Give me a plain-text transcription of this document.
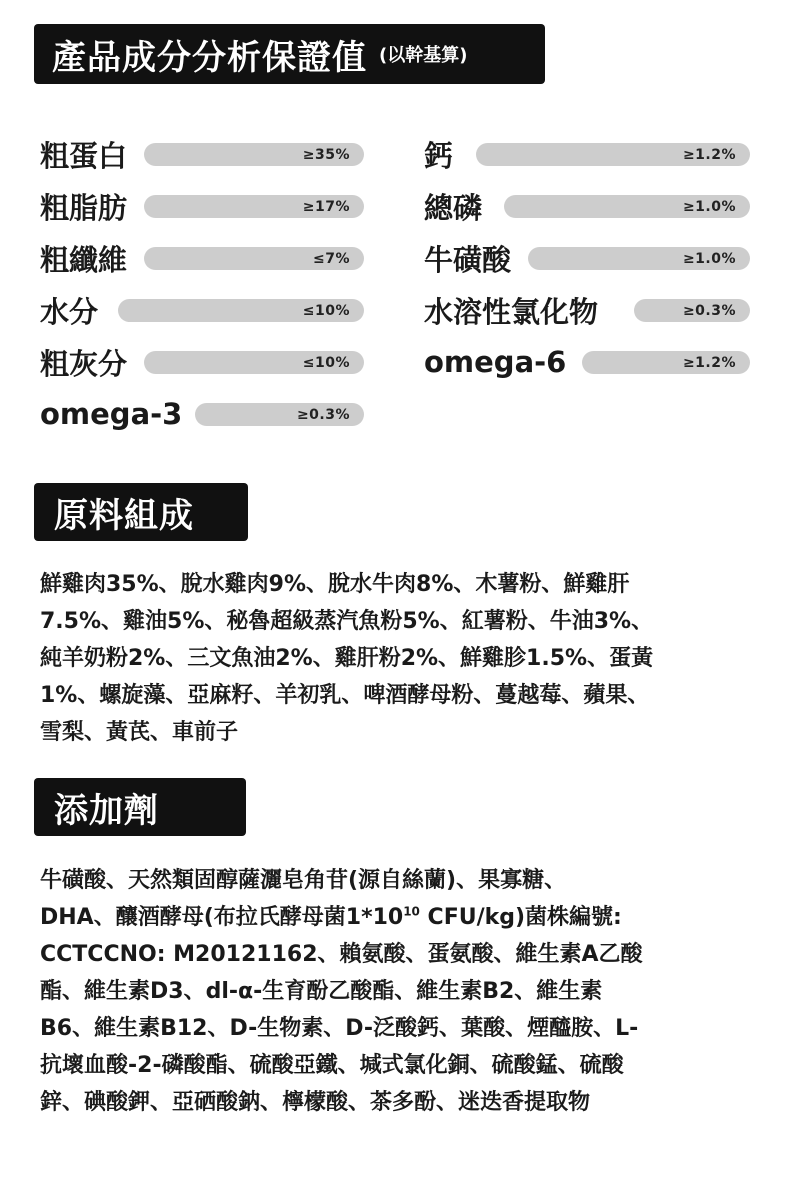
產品成分分析保證值 (以幹基算)
粗蛋白	≥35%
粗脂肪	≥17%
粗纖維	≤7%
水分	≤10%
粗灰分	≤10%
omega-3	≥0.3%
鈣	≥1.2%
總磷	≥1.0%
牛磺酸	≥1.0%
水溶性氯化物	≥0.3%
omega-6	≥1.2%
原料組成
鮮雞肉35%、脫水雞肉9%、脫水牛肉8%、木薯粉、鮮雞肝
7.5%、雞油5%、秘魯超級蒸汽魚粉5%、紅薯粉、牛油3%、
純羊奶粉2%、三文魚油2%、雞肝粉2%、鮮雞胗1.5%、蛋黃
1%、螺旋藻、亞麻籽、羊初乳、啤酒酵母粉、蔓越莓、蘋果、
雪梨、黃芪、車前子
添加劑
牛磺酸、天然類固醇薩灑皂角苷(源自絲蘭)、果寡糖、
DHA、釀酒酵母(布拉氏酵母菌$1*10^{10}$ CFU/kg)菌株編號:
CCTCCNO: M20121162、賴氨酸、蛋氨酸、維生素A乙酸
酯、維生素D3、dl-α-生育酚乙酸酯、維生素B2、維生素
B6、維生素B12、D-生物素、D-泛酸鈣、葉酸、煙醯胺、L-
抗壞血酸-2-磷酸酯、硫酸亞鐵、堿式氯化銅、硫酸錳、硫酸
鋅、碘酸鉀、亞硒酸鈉、檸檬酸、茶多酚、迷迭香提取物
